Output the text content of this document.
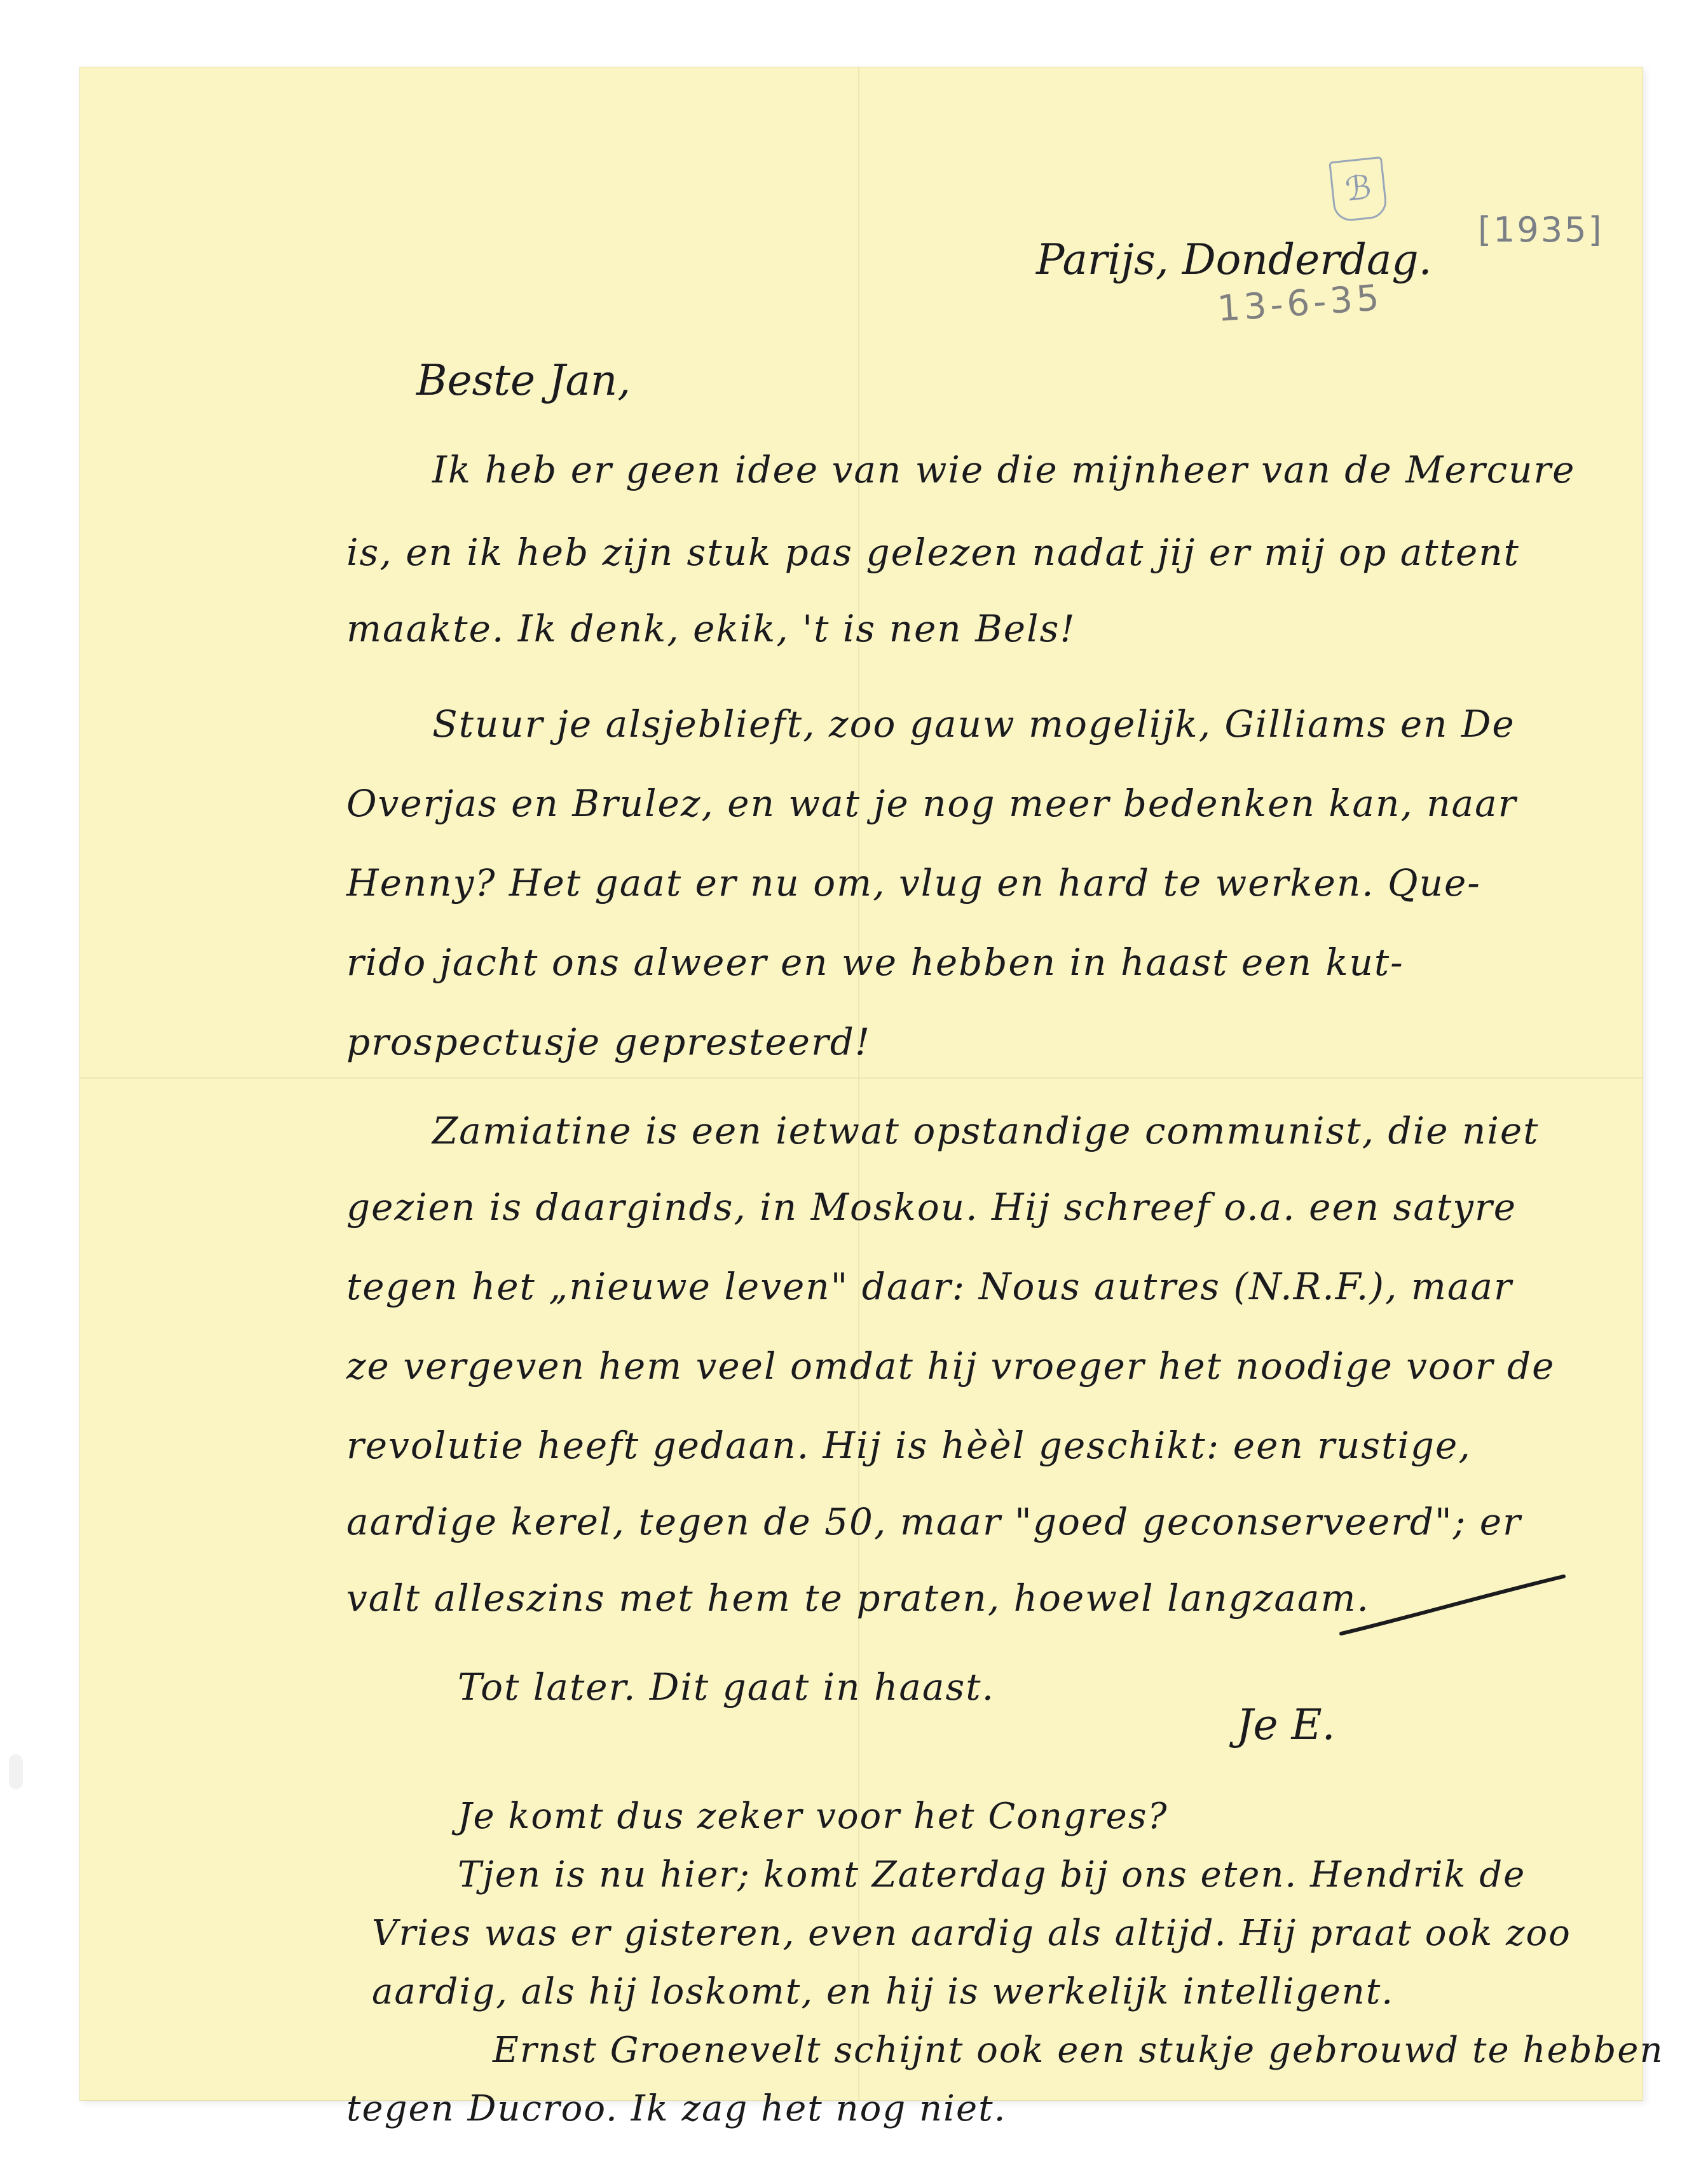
ℬ
[1935]
Parijs, Donderdag.
13-6-35
Beste Jan,
Ik heb er geen idee van wie die mijnheer van de Mercure
is, en ik heb zijn stuk pas gelezen nadat jij er mij op attent
maakte. Ik denk, ekik, 't is nen Bels!
Stuur je alsjeblieft, zoo gauw mogelijk, Gilliams en De
Overjas en Brulez, en wat je nog meer bedenken kan, naar
Henny? Het gaat er nu om, vlug en hard te werken. Que-
rido jacht ons alweer en we hebben in haast een kut-
prospectusje gepresteerd!
Zamiatine is een ietwat opstandige communist, die niet
gezien is daarginds, in Moskou. Hij schreef o.a. een satyre
tegen het „nieuwe leven" daar: Nous autres (N.R.F.), maar
ze vergeven hem veel omdat hij vroeger het noodige voor de
revolutie heeft gedaan. Hij is hèèl geschikt: een rustige,
aardige kerel, tegen de 50, maar "goed geconserveerd"; er
valt alleszins met hem te praten, hoewel langzaam.
Tot later. Dit gaat in haast.
Je E.
Je komt dus zeker voor het Congres?
Tjen is nu hier; komt Zaterdag bij ons eten. Hendrik de
Vries was er gisteren, even aardig als altijd. Hij praat ook zoo
aardig, als hij loskomt, en hij is werkelijk intelligent.
Ernst Groenevelt schijnt ook een stukje gebrouwd te hebben
tegen Ducroo. Ik zag het nog niet.
